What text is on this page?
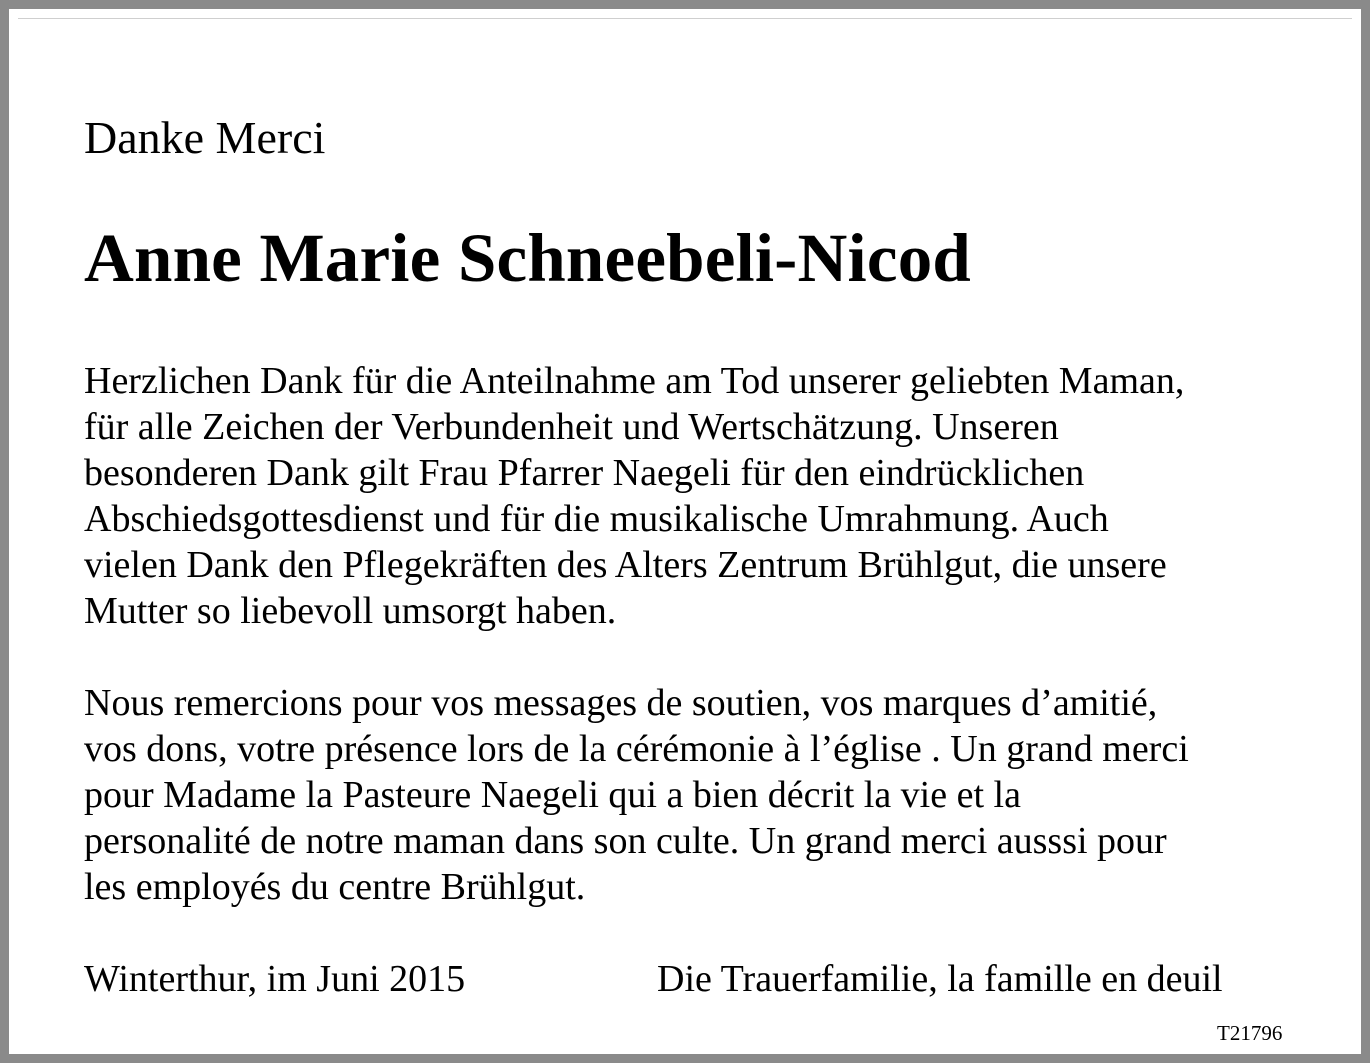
Danke Merci

Anne Marie Schneebeli-Nicod
Herzlichen Dank für die Anteilnahme am Tod unserer geliebten Maman,
für alle Zeichen der Verbundenheit und Wertschätzung. Unseren
besonderen Dank gilt Frau Pfarrer Naegeli für den eindrücklichen
Abschiedsgottesdienst und für die musikalische Umrahmung. Auch
vielen Dank den Pflegekräften des Alters Zentrum Brühlgut, die unsere
Mutter so liebevoll umsorgt haben.
Nous remercions pour vos messages de soutien, vos marques d’amitié,
vos dons, votre présence lors de la cérémonie à l’église . Un grand merci
pour Madame la Pasteure Naegeli qui a bien décrit la vie et la
personalité de notre maman dans son culte. Un grand merci ausssi pour
les employés du centre Brühlgut.

Winterthur, im Juni 2015	Die Trauerfamilie, la famille en deuil

T21796
